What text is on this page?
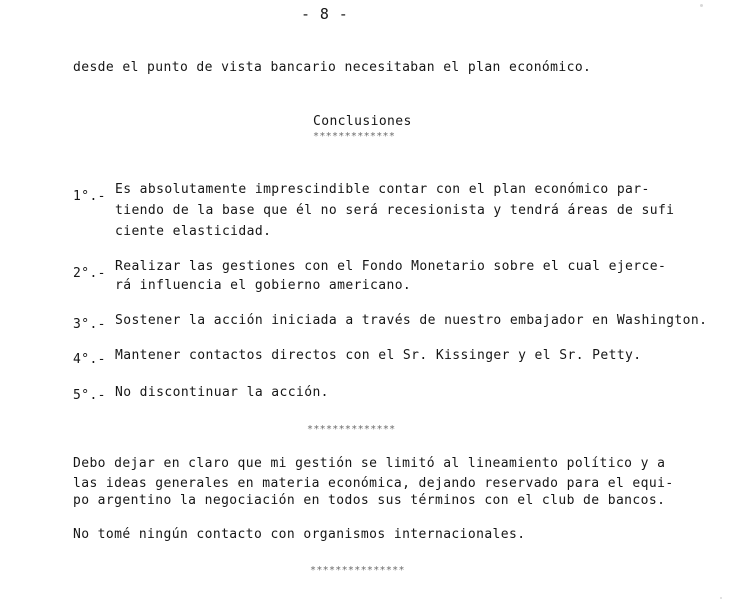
- 8 -
desde el punto de vista bancario necesitaban el plan económico.
Conclusiones
*************
1°.- Es absolutamente imprescindible contar con el plan económico par-
tiendo de la base que él no será recesionista y tendrá áreas de sufi
ciente elasticidad.
2°.- Realizar las gestiones con el Fondo Monetario sobre el cual ejerce-
rá influencia el gobierno americano.
3°.- Sostener la acción iniciada a través de nuestro embajador en Washington.
4°.- Mantener contactos directos con el Sr. Kissinger y el Sr. Petty.
5°.- No discontinuar la acción.
**************
Debo dejar en claro que mi gestión se limitó al lineamiento político y a
las ideas generales en materia económica, dejando reservado para el equi-
po argentino la negociación en todos sus términos con el club de bancos.
No tomé ningún contacto con organismos internacionales.
***************
